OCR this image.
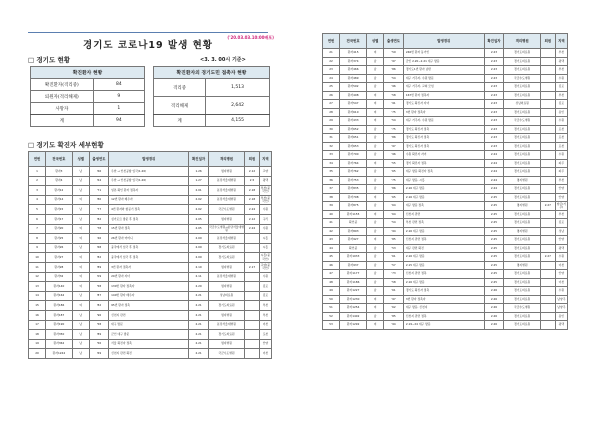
경기도 코로나19 발생 현황
('20.03.03.10:00배포)
□ 경기도 현황	<3. 3. 00시 기준>
확진환자 현황	
확진환자(격리중)	84
퇴원자(격리해제)	9
사망자	1
계	94
확진환자의 경기도민 접촉자 현황	
격리중	1,513
격리해제	2,642
계	4,155
□ 경기도 확진자 세부현황
연번	전국번호	성별	출생연도	발생경위	확진일자	격리병원	퇴원	지역
1	환자3	남	'66	우한 → 인천공항 입국(1.20)	1.26	명지병원	2.12	고양
2	환자4	남	'64	우한 → 인천공항 입국(1.20)	1.27	분당서울대병원	2.5	평택
3	환자12	남	'71	일본 확인 환자 접촉자	2.01	분당서울대병원	2.18	부천(중국인)
4	환자14	여	'80	12번 환자 배우자	2.02	분당서울대병원	2.18	부천(중국인)
5	환자15	남	'77	4번 환자와 항공기 접촉	2.02	국군수도병원	2.24	수원
6	환자17	남	'82	싱가포르 방문 후 접촉	2.05	명지병원	2.12	구리
7	환자20	여	'78	15번 환자 접촉	2.05	국군수도병원→분당서울대병원	2.24	수원
8	환자25	여	'46	26번 환자 어머니	2.09	분당서울대병원		시흥
9	환자26	남	'68	중국에서 입국 후 접촉	2.09	경기도의료원		시흥
10	환자27	여	'82	중국에서 입국 후 접촉	2.09	경기도의료원		시흥(중국인)
11	환자28	여	'89	3번 환자 접촉자	2.10	명지병원	2.17	고양(중국인)
12	환자32	여	'09	20번 환자 자녀	2.11	분당서울대병원		수원
13	환자140	여	'58	130번 환자 접촉자	2.20	명지병원		김포
14	환자162	남	'87	140번 환자 배우자	2.21	성남의료원		김포
15	환자186	여	'82	95번 환자 접촉	2.21	경기도의료원		부천
16	환자187	남	'96	신천지 관련	2.21	명지병원		부천
17	환자190	남	'58	대구 방문	2.21	분당서울대병원		이천
18	환자350	남	'89	군인 대구 방문	2.21	경기도의료원		포천
19	환자362	남	'56	서울 확진자 접촉	2.21	명지병원		안양
20	환자1244	남	'69	신천지 관련 확진	2.21	국군수도병원		이천
연번	전국번호	성별	출생연도	발생경위	확진일자	격리병원	퇴원	지역
21	환자415	여	'59	246번 환자 동거인	2.23	경기도의료원		부천
22	환자374	남	'97	군인 2.20~2.21 대구 방문	2.23	경기도의료원		평택
23	환자466	남	'86	경기도1번 환자 남편	2.23	경기도의료원		부천
24	환자489	남	'54	대구 거주자, 수원 방문	2.23	국군수도병원		수원
25	환자592	남	'96	대구 거주자, 교회 모임	2.23	경기도의료원		김포
26	환자498	여	'58	167번 환자 접촉자	2.23	경기도의료원		부천
27	환자547	여	'91	경기도 확진자 자녀	2.23	성남의료원		김포
28	환자610	여	'75	3번 환자 접촉자	2.23	경기도의료원		용인
29	환자433	여	'54	대구 거주자, 수원 방문	2.23	국군수도병원		수원
30	환자652	남	'75	경기도 확진자 접촉	2.23	경기도의료원		포천
31	환자651	남	'86	경기도 확진자 접촉	2.23	경기도의료원		포천
32	환자653	남	'97	경기도 확진자 접촉	2.23	경기도의료원		포천
33	환자790	남	'96	수원 확진자 자녀	2.24	경기도의료원		수원
34	환자764	여	'55	경기 확진자 접촉	2.24	경기도의료원		파주
35	환자762	남	'65	대구 방문 확진자 접촉	2.24	경기도의료원		파주
36	환자753	남	'75	대구 방문, 시흥	2.24	명지병원		부천
37	환자835	남	'86	2.16 대구 방문	2.24	경기도의료원		안양
38	환자798	여	'65	2.16 대구 방문	2.25	경기도의료원		안양
39	환자875	남	'64	대구 방문 접촉	2.25	명지병원	2.27	양주(거주)
40	환자1155	여	'64	신천지 관련	2.25	경기도의료원		부천
41	확인중	남	'54	부천 관련 접촉	2.25	경기도의료원		김포
42	환자893	남	'94	2.16 대구 방문	2.25	명지병원		성남
43	환자927	여	'85	신천지 관련 접촉	2.25	경기도의료원		안양
44	확인중	남	'53	대구 관련 확진	2.25	경기도의료원		평택
45	환자1033	남	'61	2.16 대구 방문	2.25	경기도의료원	2.27	수원
46	환자937	남	'57	2.15 대구 방문	2.25	명지병원		이천
47	환자1177	남	'73	신천지 관련 접촉	2.25	경기도의료원		안양
48	환자1186	남	'58	2.16 대구 방문	2.25	경기도의료원		이천
49	환자1227	남	'61	경기도 확진자 접촉	2.26	경기도의료원		수원
50	환자1230	여	'97	3번 환자 접촉자	2.26	경기도의료원		남양주
51	환자1254	여	'62	대구 방문, 신천지	2.26	국군수도병원		남양주
52	환자1402	남	'85	신천지 관련 접촉	2.26	경기도의료원		용인
53	환자1292	여	'94	2.19~24 대구 방문	2.26	경기도의료원		평택
